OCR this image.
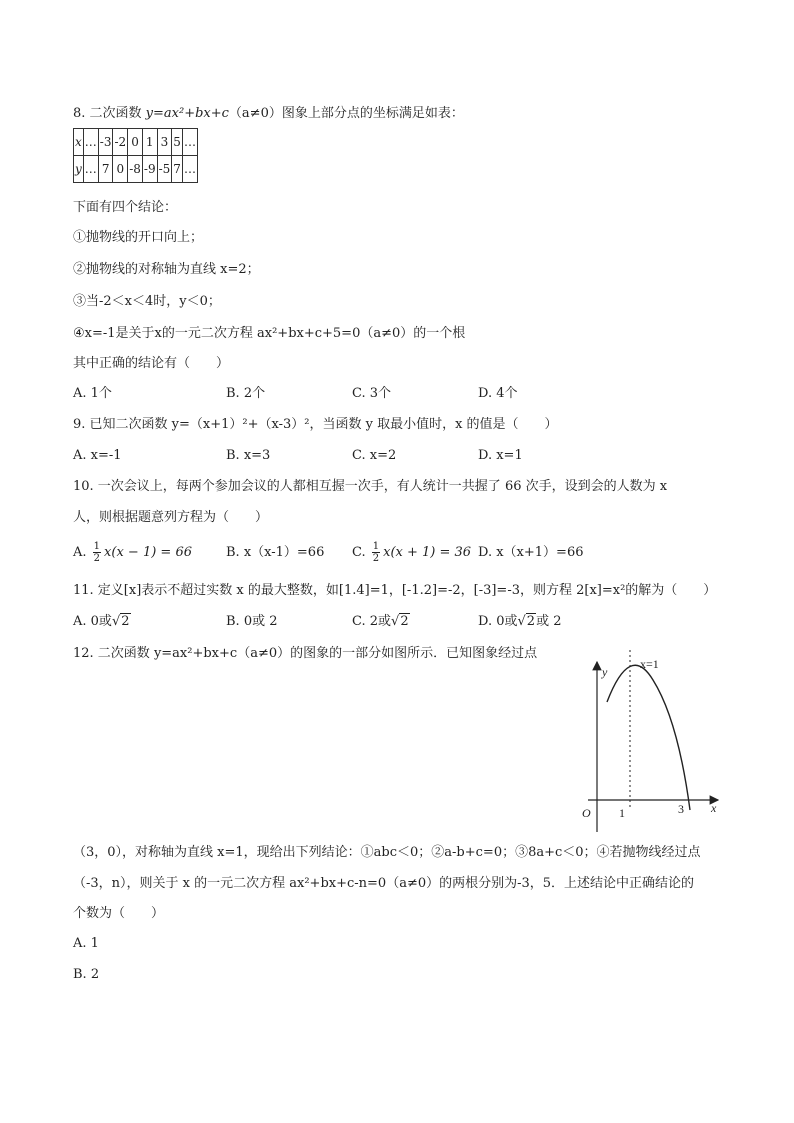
8. 二次函数 y=ax²+bx+c（a≠0）图象上部分点的坐标满足如表：
x	…	-3	-2	0	1	3	5	…
y	…	7	0	-8	-9	-5	7	…
下面有四个结论：
①抛物线的开口向上；
②抛物线的对称轴为直线 x=2；
③当-2＜x＜4时，y＜0；
④x=-1是关于x的一元二次方程 ax²+bx+c+5=0（a≠0）的一个根
其中正确的结论有（　　）
A. 1个	B. 2个	C. 3个	D. 4个
9. 已知二次函数 y=（x+1）²+（x-3）²，当函数 y 取最小值时，x 的值是（　　）
A. x=-1	B. x=3	C. x=2	D. x=1
10. 一次会议上，每两个参加会议的人都相互握一次手，有人统计一共握了 66 次手，设到会的人数为 x
人，则根据题意列方程为（　　）
A. $\frac{1}{2} x(x - 1) = 66$	B. x（x-1）=66 C. $\frac{1}{2} x(x + 1) = 36$ D. x（x+1）=66
11. 定义[x]表示不超过实数 x 的最大整数，如[1.4]=1，[-1.2]=-2，[-3]=-3，则方程 2[x]=x²的解为（　　）
A. 0或√2	B. 0或 2	C. 2或√2	D. 0或√2或 2
12. 二次函数 y=ax²+bx+c（a≠0）的图象的一部分如图所示．已知图象经过点
y
x
O 1	3
x=1
（3，0），对称轴为直线 x=1，现给出下列结论：①abc＜0；②a-b+c=0；③8a+c＜0；④若抛物线经过点
（-3，n），则关于 x 的一元二次方程 ax²+bx+c-n=0（a≠0）的两根分别为-3，5．上述结论中正确结论的
个数为（　　）
A. 1
B. 2
